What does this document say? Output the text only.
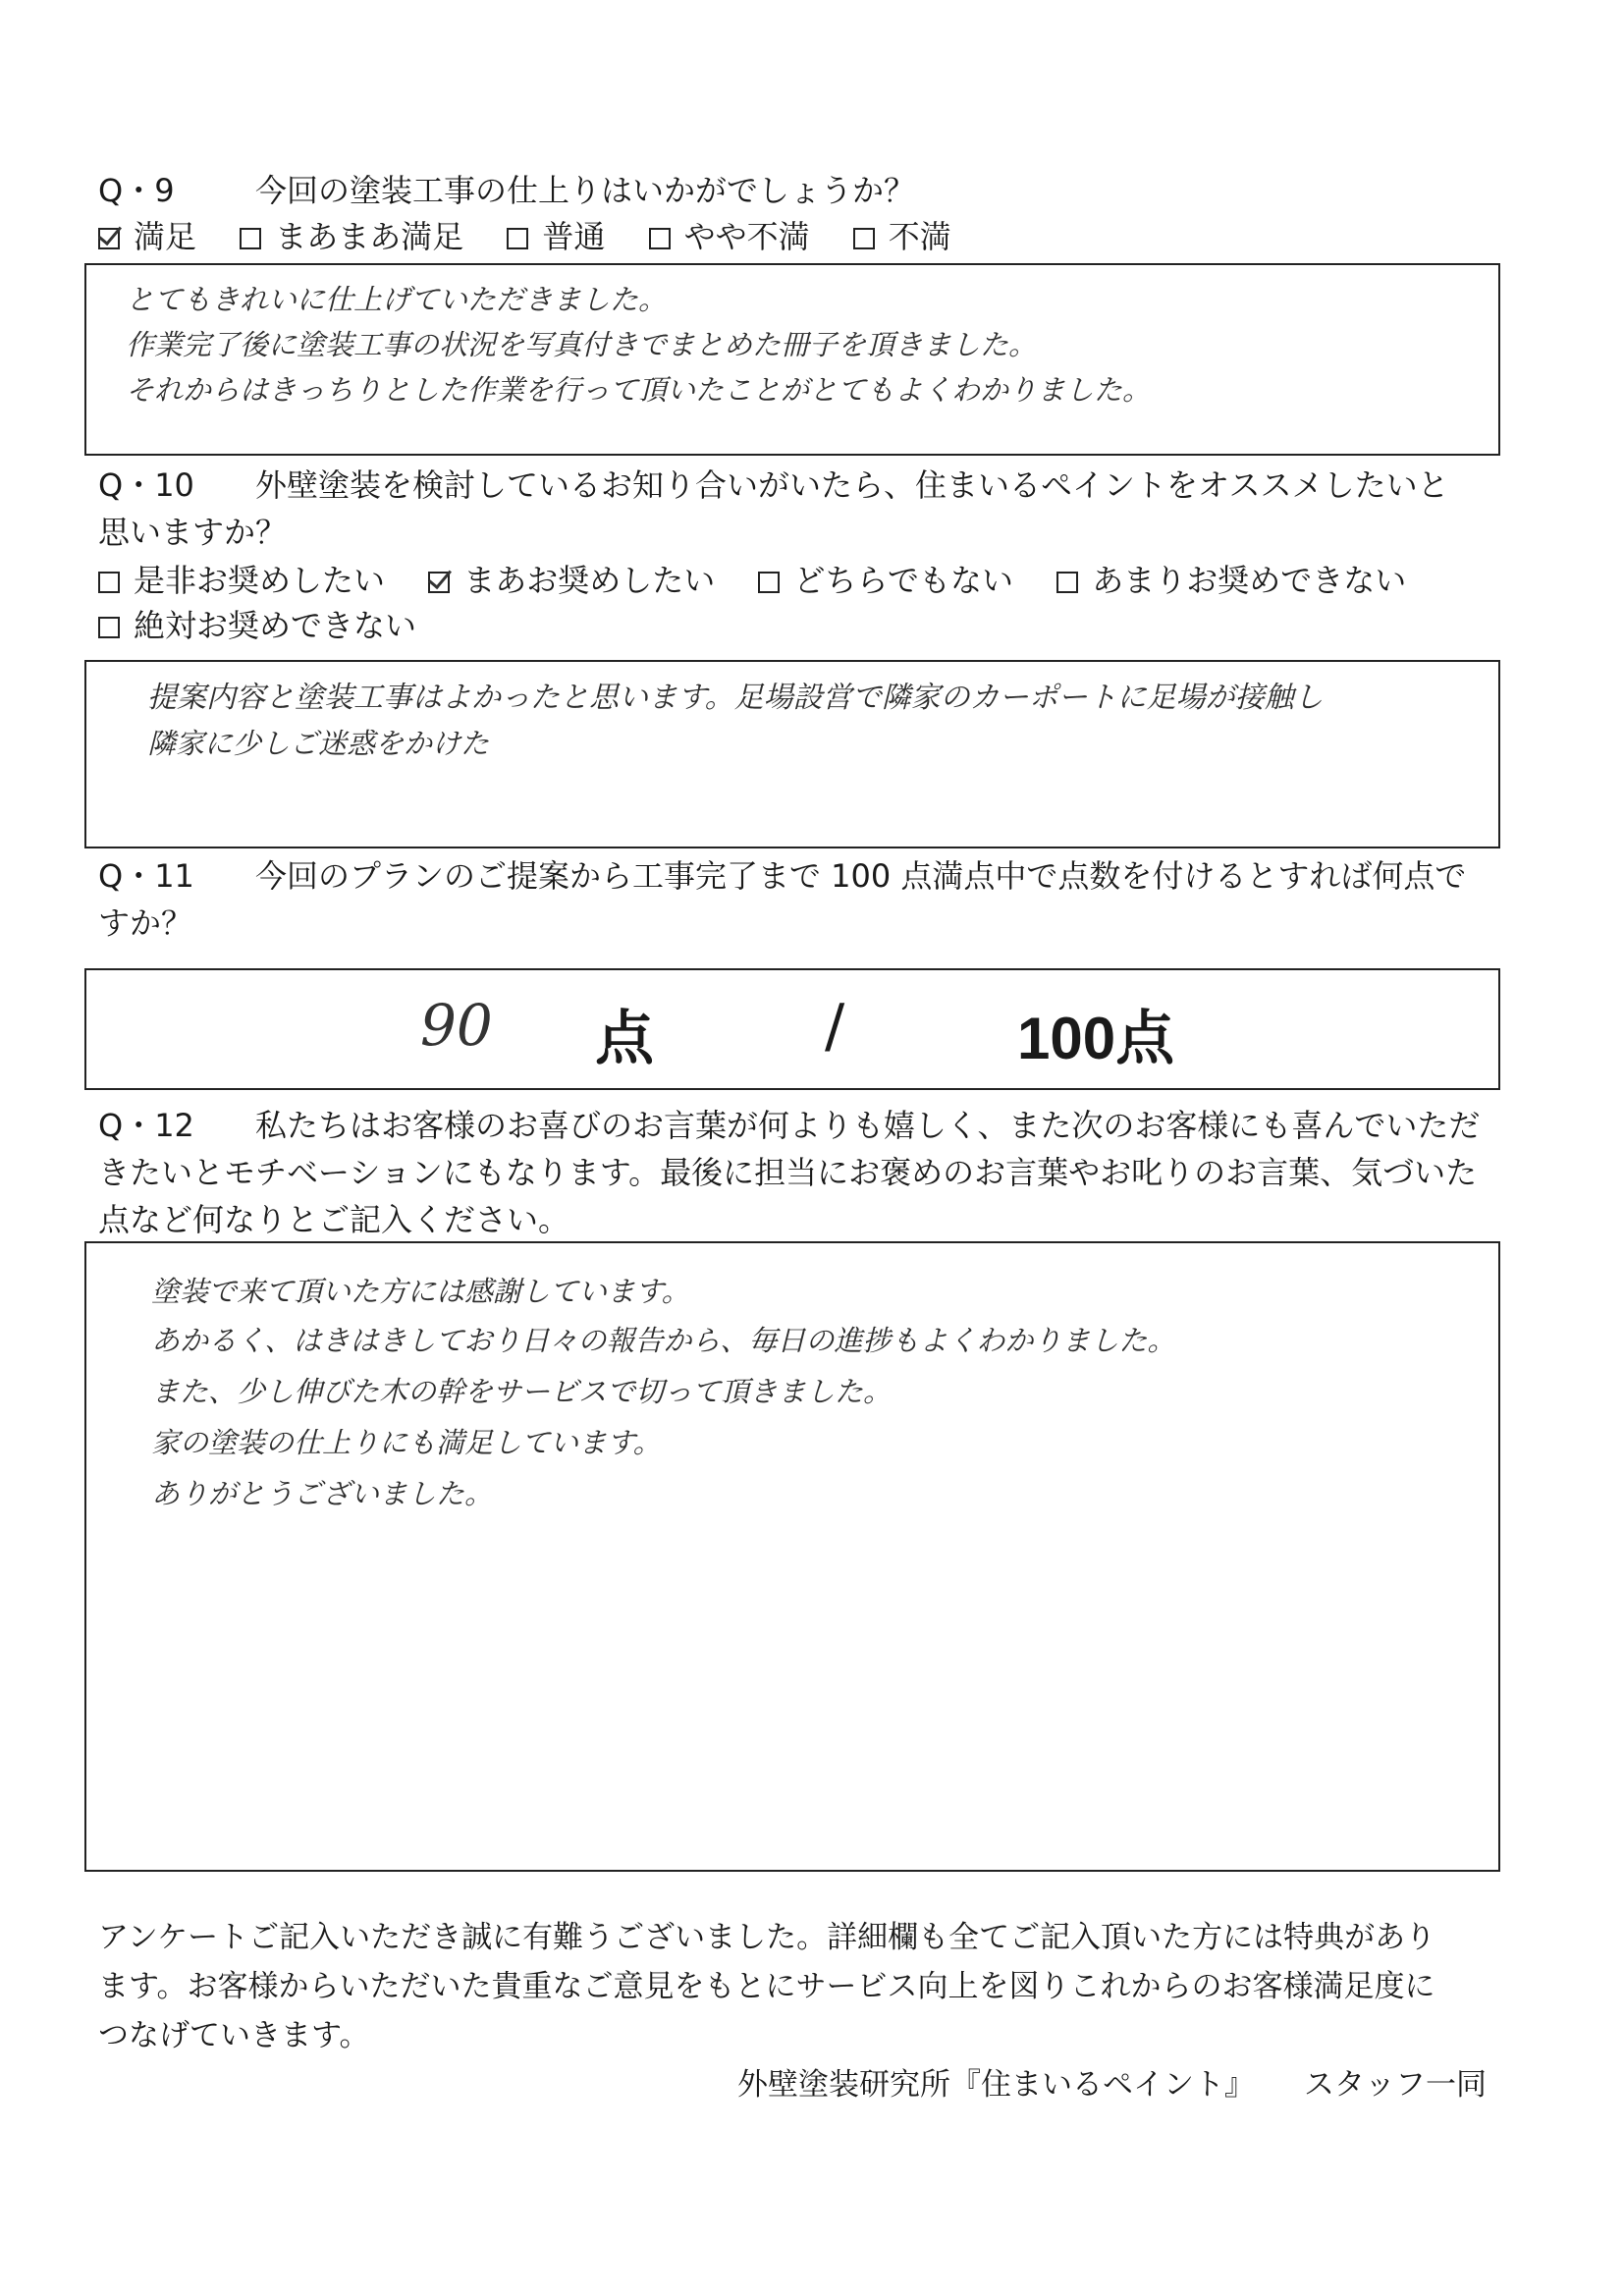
Q・9	今回の塗装工事の仕上りはいかがでしょうか？
満足	まあまあ満足	普通	やや不満	不満
とてもきれいに仕上げていただきました。
作業完了後に塗装工事の状況を写真付きでまとめた冊子を頂きました。
それからはきっちりとした作業を行って頂いたことがとてもよくわかりました。
Q・10 外壁塗装を検討しているお知り合いがいたら、住まいるペイントをオススメしたいと
思いますか？
是非お奨めしたい	まあお奨めしたい	どちらでもない	あまりお奨めできない
絶対お奨めできない
提案内容と塗装工事はよかったと思います。足場設営で隣家のカーポートに足場が接触し
隣家に少しご迷惑をかけた
Q・11 今回のプランのご提案から工事完了まで 100 点満点中で点数を付けるとすれば何点で
すか？
90 点	/	100点
Q・12 私たちはお客様のお喜びのお言葉が何よりも嬉しく、また次のお客様にも喜んでいただ
きたいとモチベーションにもなります。最後に担当にお褒めのお言葉やお叱りのお言葉、気づいた
点など何なりとご記入ください。
塗装で来て頂いた方には感謝しています。
あかるく、はきはきしており日々の報告から、毎日の進捗もよくわかりました。
また、少し伸びた木の幹をサービスで切って頂きました。
家の塗装の仕上りにも満足しています。
ありがとうございました。
アンケートご記入いただき誠に有難うございました。詳細欄も全てご記入頂いた方には特典があり
ます。お客様からいただいた貴重なご意見をもとにサービス向上を図りこれからのお客様満足度に
つなげていきます。
外壁塗装研究所『住まいるペイント』 スタッフ一同
